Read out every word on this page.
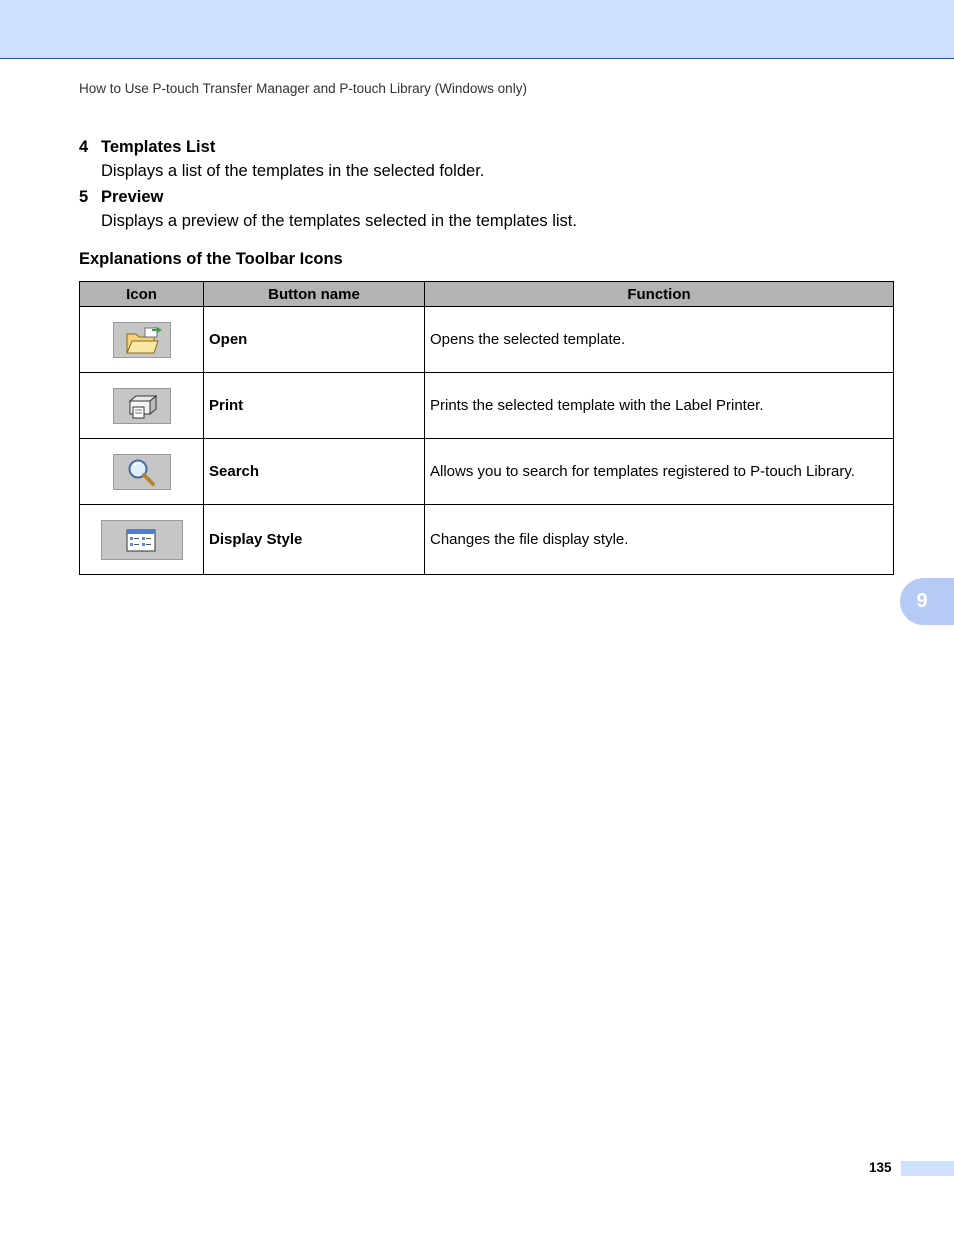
How to Use P-touch Transfer Manager and P-touch Library (Windows only)
4 Templates List
Displays a list of the templates in the selected folder.
5 Preview
Displays a preview of the templates selected in the templates list.
Explanations of the Toolbar Icons
Icon	Button name	Function

	Open	Opens the selected template.

	Print	Prints the selected template with the Label Printer.

	Search	Allows you to search for templates registered to P-touch Library.

	Display Style	Changes the file display style.
9
135
